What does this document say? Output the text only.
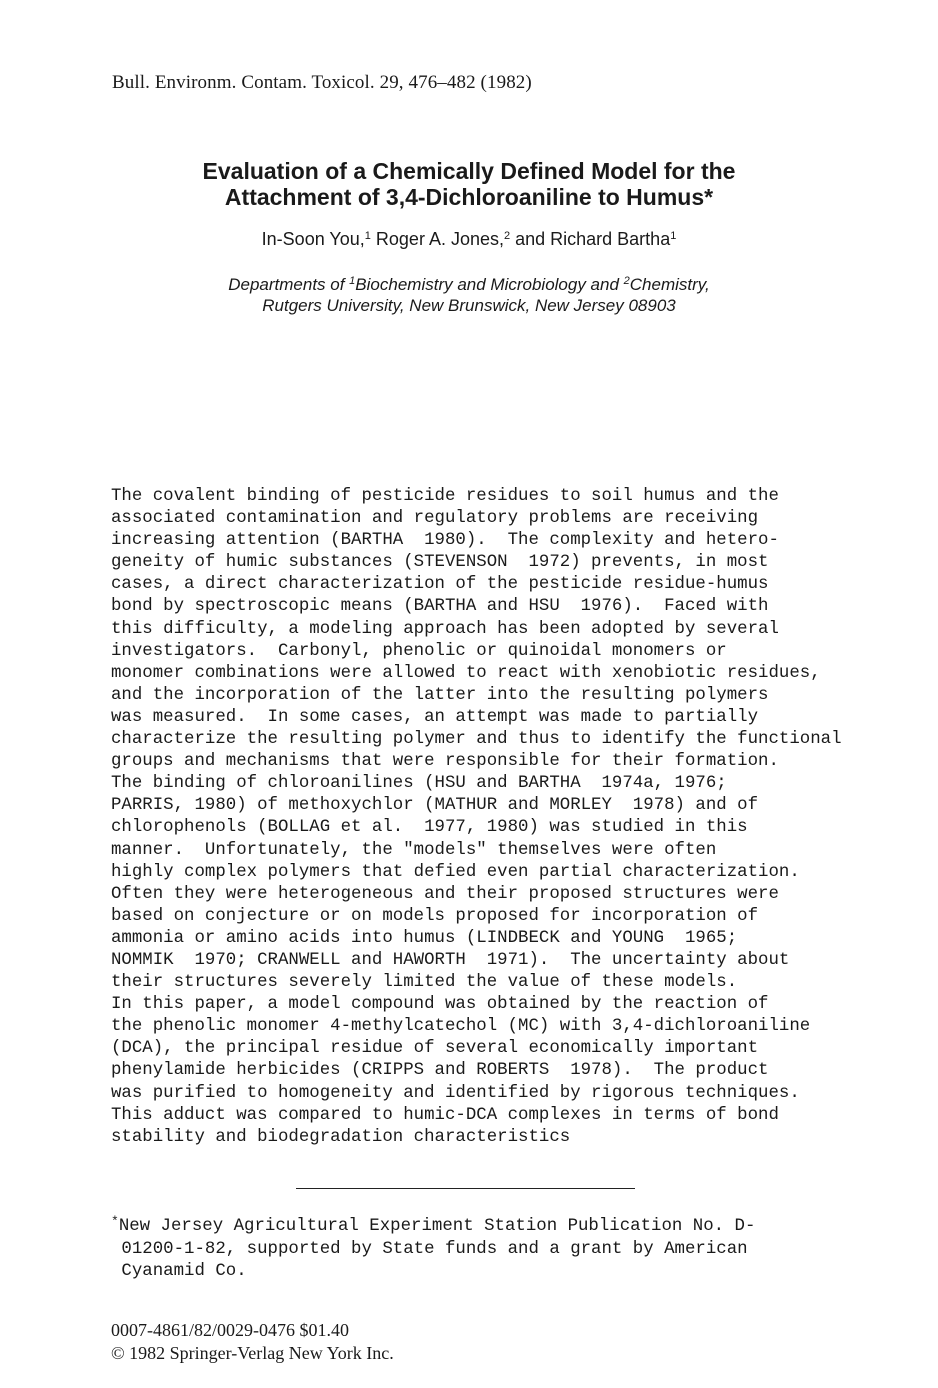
Bull. Environm. Contam. Toxicol. 29, 476–482 (1982)
Evaluation of a Chemically Defined Model for the
Attachment of 3,4-Dichloroaniline to Humus*
In-Soon You,$^1$ Roger A. Jones,$^2$ and Richard Bartha$^1$
Departments of $^1$Biochemistry and Microbiology and $^2$Chemistry,
Rutgers University, New Brunswick, New Jersey 08903
The covalent binding of pesticide residues to soil humus and the
associated contamination and regulatory problems are receiving
increasing attention (BARTHA  1980).  The complexity and hetero-
geneity of humic substances (STEVENSON  1972) prevents, in most
cases, a direct characterization of the pesticide residue-humus
bond by spectroscopic means (BARTHA and HSU  1976).  Faced with
this difficulty, a modeling approach has been adopted by several
investigators.  Carbonyl, phenolic or quinoidal monomers or
monomer combinations were allowed to react with xenobiotic residues,
and the incorporation of the latter into the resulting polymers
was measured.  In some cases, an attempt was made to partially
characterize the resulting polymer and thus to identify the functional
groups and mechanisms that were responsible for their formation.
The binding of chloroanilines (HSU and BARTHA  1974a, 1976;
PARRIS, 1980) of methoxychlor (MATHUR and MORLEY  1978) and of
chlorophenols (BOLLAG et al.  1977, 1980) was studied in this
manner.  Unfortunately, the "models" themselves were often
highly complex polymers that defied even partial characterization.
Often they were heterogeneous and their proposed structures were
based on conjecture or on models proposed for incorporation of
ammonia or amino acids into humus (LINDBECK and YOUNG  1965;
NOMMIK  1970; CRANWELL and HAWORTH  1971).  The uncertainty about
their structures severely limited the value of these models.
In this paper, a model compound was obtained by the reaction of
the phenolic monomer 4-methylcatechol (MC) with 3,4-dichloroaniline
(DCA), the principal residue of several economically important
phenylamide herbicides (CRIPPS and ROBERTS  1978).  The product
was purified to homogeneity and identified by rigorous techniques.
This adduct was compared to humic-DCA complexes in terms of bond
stability and biodegradation characteristics
*New Jersey Agricultural Experiment Station Publication No. D-
01200-1-82, supported by State funds and a grant by American
Cyanamid Co.
0007-4861/82/0029-0476 $01.40
© 1982 Springer-Verlag New York Inc.
